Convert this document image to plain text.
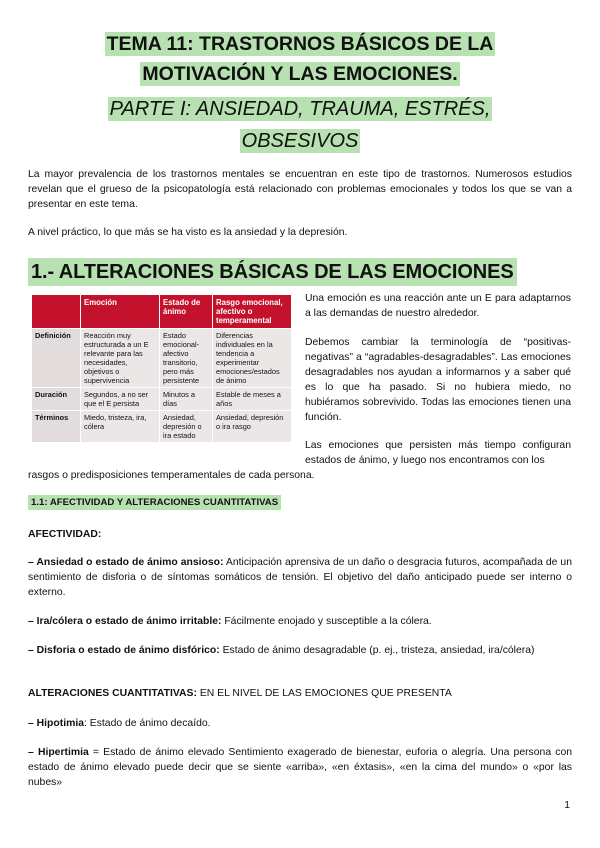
TEMA 11: TRASTORNOS BÁSICOS DE LA
MOTIVACIÓN Y LAS EMOCIONES.
PARTE I: ANSIEDAD, TRAUMA, ESTRÉS,
OBSESIVOS
La mayor prevalencia de los trastornos mentales se encuentran en este tipo de trastornos. Numerosos estudios revelan que el grueso de la psicopatología está relacionado con problemas emocionales y todos los que se van a presentar en este tema.
A nivel práctico, lo que más se ha visto es la ansiedad y la depresión.
1.- ALTERACIONES BÁSICAS DE LAS EMOCIONES
	Emoción	Estado de ánimo	Rasgo emocional, afectivo o temperamental
Definición	Reacción muy estructurada a un E relevante para las necesidades, objetivos o supervivencia	Estado emocional-afectivo transitorio, pero más persistente	Diferencias individuales en la tendencia a experimentar emociones/estados de ánimo
Duración	Segundos, a no ser que el E persista	Minutos a días	Estable de meses a años
Términos	Miedo, tristeza, ira, cólera	Ansiedad, depresión o ira estado	Ansiedad, depresión o ira rasgo
Una emoción es una reacción ante un E para adaptarnos a las demandas de nuestro alrededor.
Debemos cambiar la terminología de “positivas-negativas” a “agradables-desagradables”. Las emociones desagradables nos ayudan a informarnos y a saber qué es lo que ha pasado. Si no hubiera miedo, no hubiéramos sobrevivido. Todas las emociones tienen una función.
Las emociones que persisten más tiempo configuran estados de ánimo, y luego nos encontramos con los
rasgos o predisposiciones temperamentales de cada persona.
1.1: AFECTIVIDAD Y ALTERACIONES CUANTITATIVAS
AFECTIVIDAD:
– Ansiedad o estado de ánimo ansioso: Anticipación aprensiva de un daño o desgracia futuros, acompañada de un sentimiento de disforia o de síntomas somáticos de tensión. El objetivo del daño anticipado puede ser interno o externo.
– Ira/cólera o estado de ánimo irritable: Fácilmente enojado y susceptible a la cólera.
– Disforia o estado de ánimo disfórico: Estado de ánimo desagradable (p. ej., tristeza, ansiedad, ira/cólera)
ALTERACIONES CUANTITATIVAS: EN EL NIVEL DE LAS EMOCIONES QUE PRESENTA
– Hipotimia: Estado de ánimo decaído.
– Hipertimia = Estado de ánimo elevado Sentimiento exagerado de bienestar, euforia o alegría. Una persona con estado de ánimo elevado puede decir que se siente «arriba», «en éxtasis», «en la cima del mundo» o «por las nubes»
1
